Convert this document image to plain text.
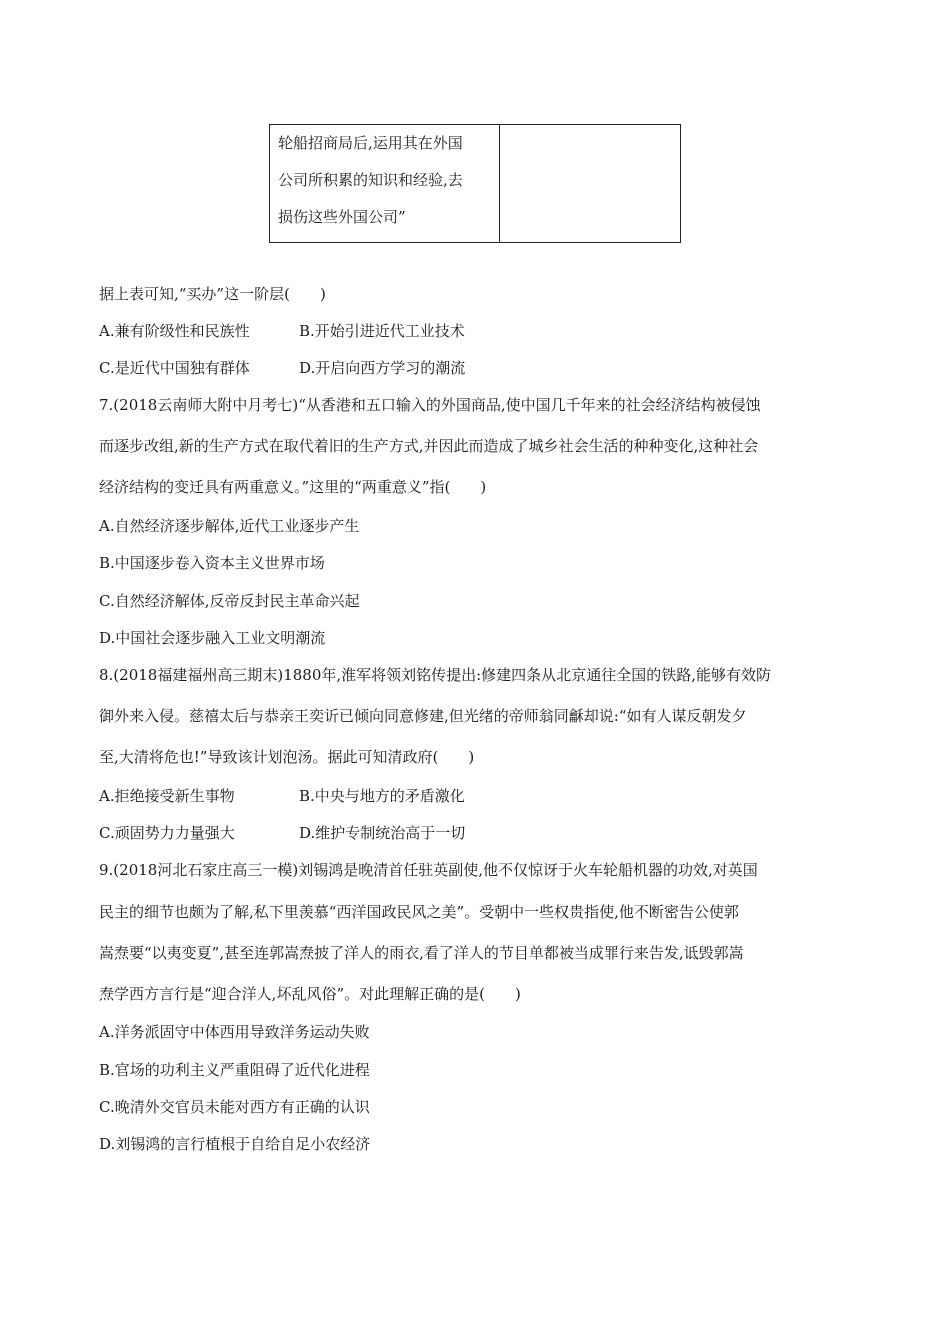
轮船招商局后,运用其在外国
公司所积累的知识和经验,去
损伤这些外国公司”
据上表可知,“买办”这一阶层(　　)
A.兼有阶级性和民族性	B.开始引进近代工业技术
C.是近代中国独有群体	D.开启向西方学习的潮流
7.(2018云南师大附中月考七)“从香港和五口输入的外国商品,使中国几千年来的社会经济结构被侵蚀
而逐步改组,新的生产方式在取代着旧的生产方式,并因此而造成了城乡社会生活的种种变化,这种社会
经济结构的变迁具有两重意义。”这里的“两重意义”指(　　)
A.自然经济逐步解体,近代工业逐步产生
B.中国逐步卷入资本主义世界市场
C.自然经济解体,反帝反封民主革命兴起
D.中国社会逐步融入工业文明潮流
8.(2018福建福州高三期末)1880年,淮军将领刘铭传提出:修建四条从北京通往全国的铁路,能够有效防
御外来入侵。慈禧太后与恭亲王奕䜣已倾向同意修建,但光绪的帝师翁同龢却说:“如有人谋反朝发夕
至,大清将危也!”导致该计划泡汤。据此可知清政府(　　)
A.拒绝接受新生事物	B.中央与地方的矛盾激化
C.顽固势力力量强大	D.维护专制统治高于一切
9.(2018河北石家庄高三一模)刘锡鸿是晚清首任驻英副使,他不仅惊讶于火车轮船机器的功效,对英国
民主的细节也颇为了解,私下里羡慕“西洋国政民风之美”。受朝中一些权贵指使,他不断密告公使郭
嵩焘要“以夷变夏”,甚至连郭嵩焘披了洋人的雨衣,看了洋人的节目单都被当成罪行来告发,诋毁郭嵩
焘学西方言行是“迎合洋人,坏乱风俗”。对此理解正确的是(　　)
A.洋务派固守中体西用导致洋务运动失败
B.官场的功利主义严重阻碍了近代化进程
C.晚清外交官员未能对西方有正确的认识
D.刘锡鸿的言行植根于自给自足小农经济
